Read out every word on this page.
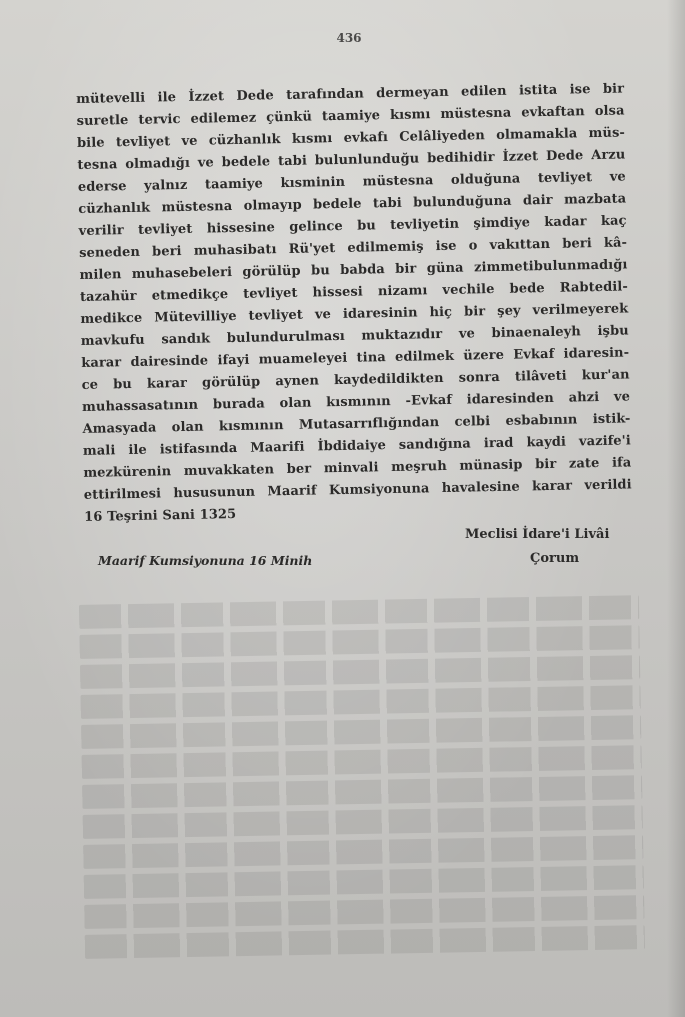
436
mütevelli ile İzzet Dede tarafından dermeyan edilen istita ise bir
suretle tervic edilemez çünkü taamiye kısmı müstesna evkaftan olsa
bile tevliyet ve cüzhanlık kısmı evkafı Celâliyeden olmamakla müs-
tesna olmadığı ve bedele tabi bulunlunduğu bedihidir İzzet Dede Arzu
ederse yalnız taamiye kısminin müstesna olduğuna tevliyet ve
cüzhanlık müstesna olmayıp bedele tabi bulunduğuna dair mazbata
verilir tevliyet hissesine gelince bu tevliyetin şimdiye kadar kaç
seneden beri muhasibatı Rü'yet edilmemiş ise o vakıttan beri kâ-
milen muhasebeleri görülüp bu babda bir güna zimmetibulunmadığı
tazahür etmedikçe tevliyet hissesi nizamı vechile bede Rabtedil-
medikce Mütevilliye tevliyet ve idaresinin hiç bir şey verilmeyerek
mavkufu sandık bulundurulması muktazıdır ve binaenaleyh işbu
karar dairesinde ifayi muameleyei tina edilmek üzere Evkaf idaresin-
ce bu karar görülüp aynen kaydedildikten sonra tilâveti kur'an
muhassasatının burada olan kısmının -Evkaf idaresinden ahzi ve
Amasyada olan kısmının Mutasarrıflığından celbi esbabının istik-
mali ile istifasında Maarifi İbdidaiye sandığına irad kaydi vazife'i
mezkürenin muvakkaten ber minvali meşruh münasip bir zate ifa
ettirilmesi hususunun Maarif Kumsiyonuna havalesine karar verildi
16 Teşrini Sani 1325
Meclisi İdare'i Livâi
Çorum
Maarif Kumsiyonuna 16 Minih
